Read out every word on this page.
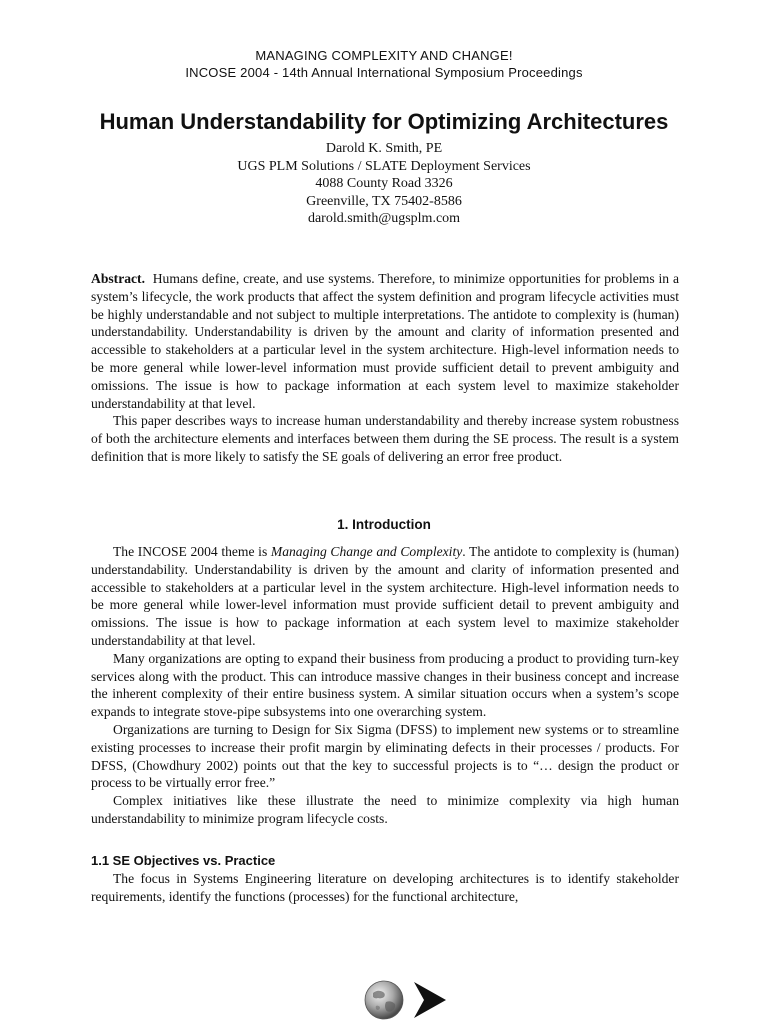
MANAGING COMPLEXITY AND CHANGE!
INCOSE 2004 - 14th Annual International Symposium Proceedings
Human Understandability for Optimizing Architectures
Darold K. Smith, PE
UGS PLM Solutions / SLATE Deployment Services
4088 County Road 3326
Greenville, TX 75402-8586
darold.smith@ugsplm.com

Abstract. Humans define, create, and use systems. Therefore, to minimize opportunities for problems in a system’s lifecycle, the work products that affect the system definition and program lifecycle activities must be highly understandable and not subject to multiple interpretations. The antidote to complexity is (human) understandability. Understandability is driven by the amount and clarity of information presented and accessible to stakeholders at a particular level in the system architecture. High-level information needs to be more general while lower-level information must provide sufficient detail to prevent ambiguity and omissions. The issue is how to package information at each system level to maximize stakeholder understandability at that level.

This paper describes ways to increase human understandability and thereby increase system robustness of both the architecture elements and interfaces between them during the SE process. The result is a system definition that is more likely to satisfy the SE goals of delivering an error free product.

1. Introduction

The INCOSE 2004 theme is Managing Change and Complexity. The antidote to complexity is (human) understandability. Understandability is driven by the amount and clarity of information presented and accessible to stakeholders at a particular level in the system architecture. High-level information needs to be more general while lower-level information must provide sufficient detail to prevent ambiguity and omissions. The issue is how to package information at each system level to maximize stakeholder understandability at that level.

Many organizations are opting to expand their business from producing a product to providing turn-key services along with the product. This can introduce massive changes in their business concept and increase the inherent complexity of their entire business system. A similar situation occurs when a system’s scope expands to integrate stove-pipe subsystems into one overarching system.

Organizations are turning to Design for Six Sigma (DFSS) to implement new systems or to streamline existing processes to increase their profit margin by eliminating defects in their processes / products. For DFSS, (Chowdhury 2002) points out that the key to successful projects is to “… design the product or process to be virtually error free.”

Complex initiatives like these illustrate the need to minimize complexity via high human understandability to minimize program lifecycle costs.

1.1 SE Objectives vs. Practice

The focus in Systems Engineering literature on developing architectures is to identify stakeholder requirements, identify the functions (processes) for the functional architecture,
